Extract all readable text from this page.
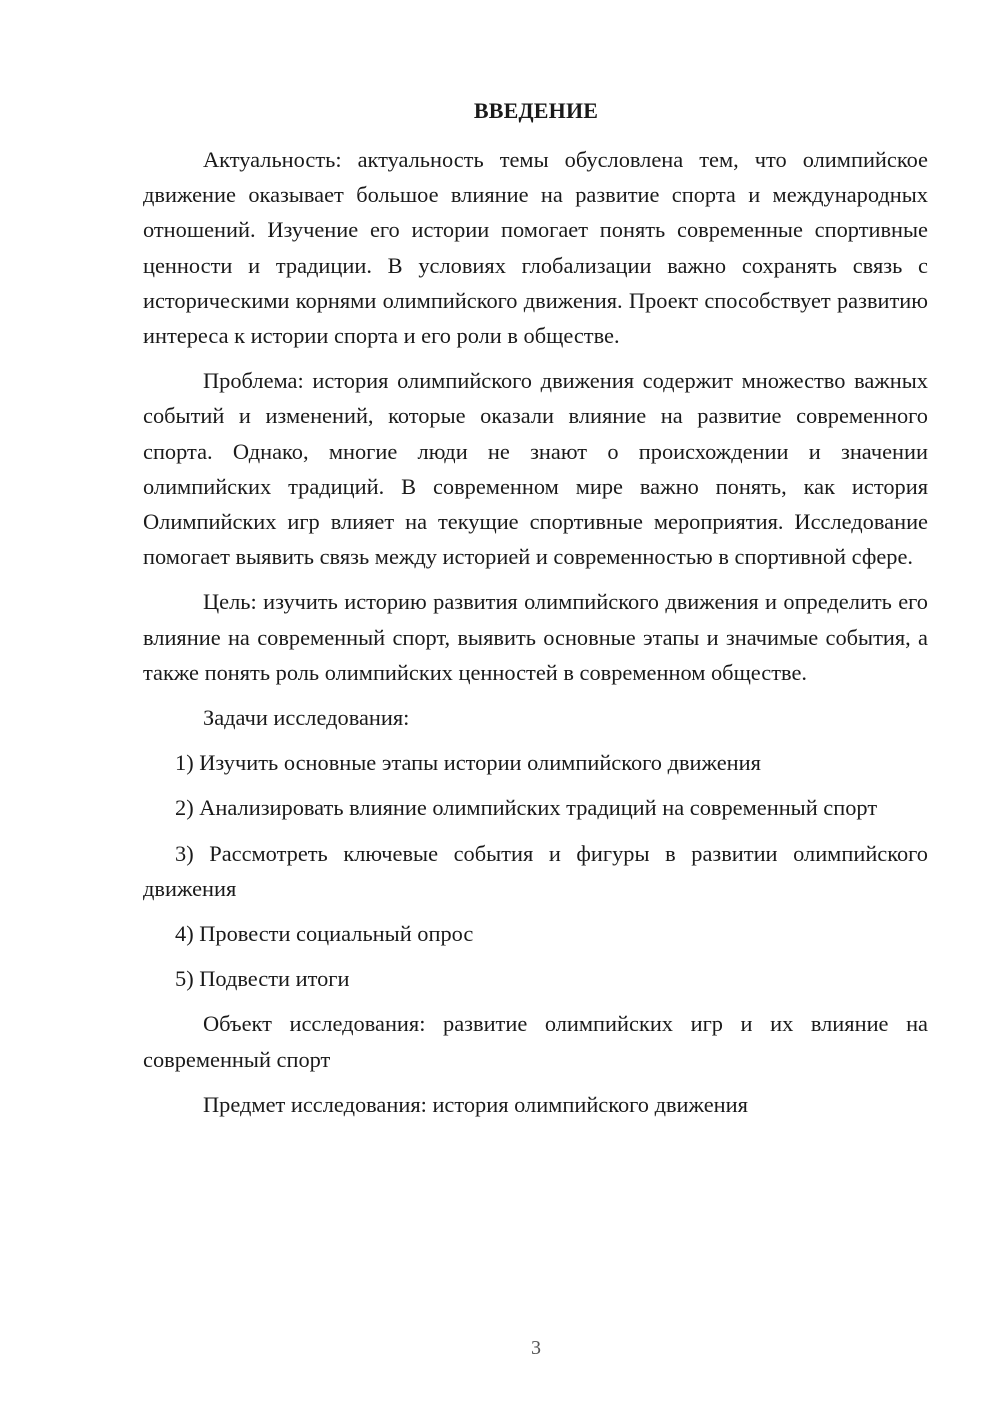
ВВЕДЕНИЕ

Актуальность: актуальность темы обусловлена тем, что олимпийское движение оказывает большое влияние на развитие спорта и международных отношений. Изучение его истории помогает понять современные спортивные ценности и традиции. В условиях глобализации важно сохранять связь с историческими корнями олимпийского движения. Проект способствует развитию интереса к истории спорта и его роли в обществе.

Проблема: история олимпийского движения содержит множество важных событий и изменений, которые оказали влияние на развитие современного спорта. Однако, многие люди не знают о происхождении и значении олимпийских традиций. В современном мире важно понять, как история Олимпийских игр влияет на текущие спортивные мероприятия. Исследование помогает выявить связь между историей и современностью в спортивной сфере.

Цель: изучить историю развития олимпийского движения и определить его влияние на современный спорт, выявить основные этапы и значимые события, а также понять роль олимпийских ценностей в современном обществе.

Задачи исследования:

1) Изучить основные этапы истории олимпийского движения

2) Анализировать влияние олимпийских традиций на современный спорт

3) Рассмотреть ключевые события и фигуры в развитии олимпийского движения

4) Провести социальный опрос

5) Подвести итоги

Объект исследования: развитие олимпийских игр и их влияние на современный спорт

Предмет исследования: история олимпийского движения

3
